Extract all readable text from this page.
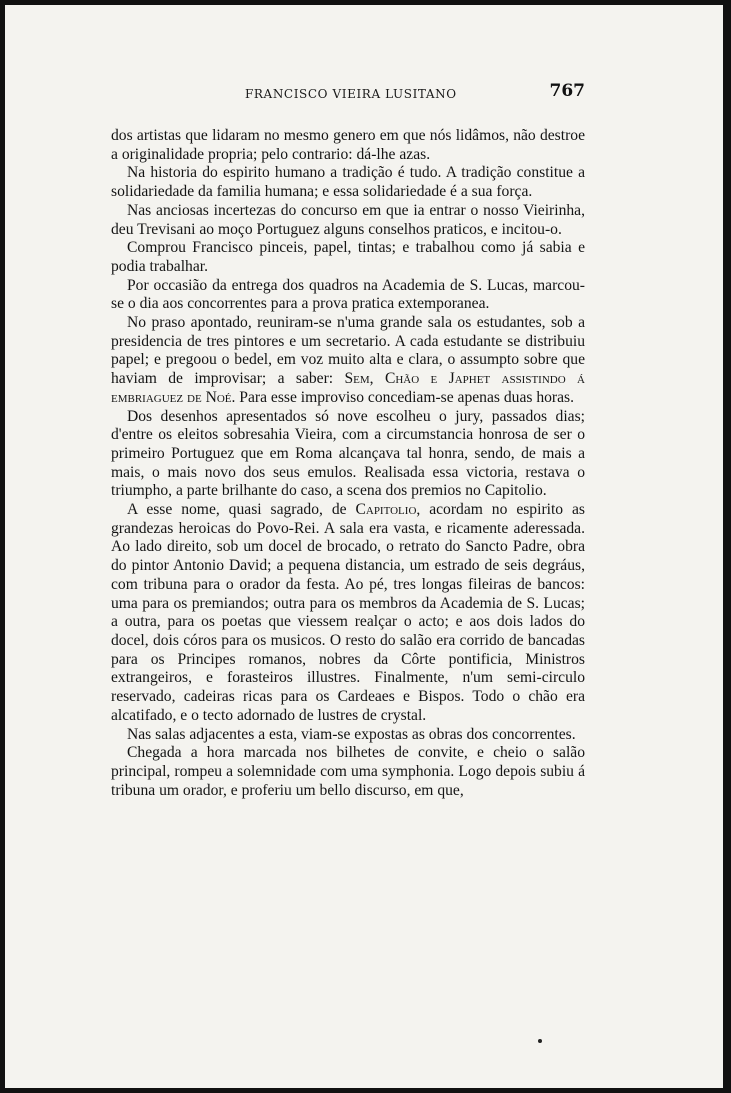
FRANCISCO VIEIRA LUSITANO	767

dos artistas que lidaram no mesmo genero em que nós lidâmos, não destroe a originalidade propria; pelo contrario: dá-lhe azas.

Na historia do espirito humano a tradição é tudo. A tradição constitue a solidariedade da familia humana; e essa solidariedade é a sua força.

Nas anciosas incertezas do concurso em que ia entrar o nosso Vieirinha, deu Trevisani ao moço Portuguez alguns conselhos praticos, e incitou-o.

Comprou Francisco pinceis, papel, tintas; e trabalhou como já sabia e podia trabalhar.

Por occasião da entrega dos quadros na Academia de S. Lucas, marcou-se o dia aos concorrentes para a prova pratica extemporanea.

No praso apontado, reuniram-se n'uma grande sala os estudantes, sob a presidencia de tres pintores e um secretario. A cada estudante se distribuiu papel; e pregoou o bedel, em voz muito alta e clara, o assumpto sobre que haviam de improvisar; a saber: Sem, Chão e Japhet assistindo á embriaguez de Noé. Para esse improviso concediam-se apenas duas horas.

Dos desenhos apresentados só nove escolheu o jury, passados dias; d'entre os eleitos sobresahia Vieira, com a circumstancia honrosa de ser o primeiro Portuguez que em Roma alcançava tal honra, sendo, de mais a mais, o mais novo dos seus emulos. Realisada essa victoria, restava o triumpho, a parte brilhante do caso, a scena dos premios no Capitolio.

A esse nome, quasi sagrado, de Capitolio, acordam no espirito as grandezas heroicas do Povo-Rei. A sala era vasta, e ricamente aderessada. Ao lado direito, sob um docel de brocado, o retrato do Sancto Padre, obra do pintor Antonio David; a pequena distancia, um estrado de seis degráus, com tribuna para o orador da festa. Ao pé, tres longas fileiras de bancos: uma para os premiandos; outra para os membros da Academia de S. Lucas; a outra, para os poetas que viessem realçar o acto; e aos dois lados do docel, dois córos para os musicos. O resto do salão era corrido de bancadas para os Principes romanos, nobres da Côrte pontificia, Ministros extrangeiros, e forasteiros illustres. Finalmente, n'um semi-circulo reservado, cadeiras ricas para os Cardeaes e Bispos. Todo o chão era alcatifado, e o tecto adornado de lustres de crystal.

Nas salas adjacentes a esta, viam-se expostas as obras dos concorrentes.

Chegada a hora marcada nos bilhetes de convite, e cheio o salão principal, rompeu a solemnidade com uma symphonia. Logo depois subiu á tribuna um orador, e proferiu um bello discurso, em que,
